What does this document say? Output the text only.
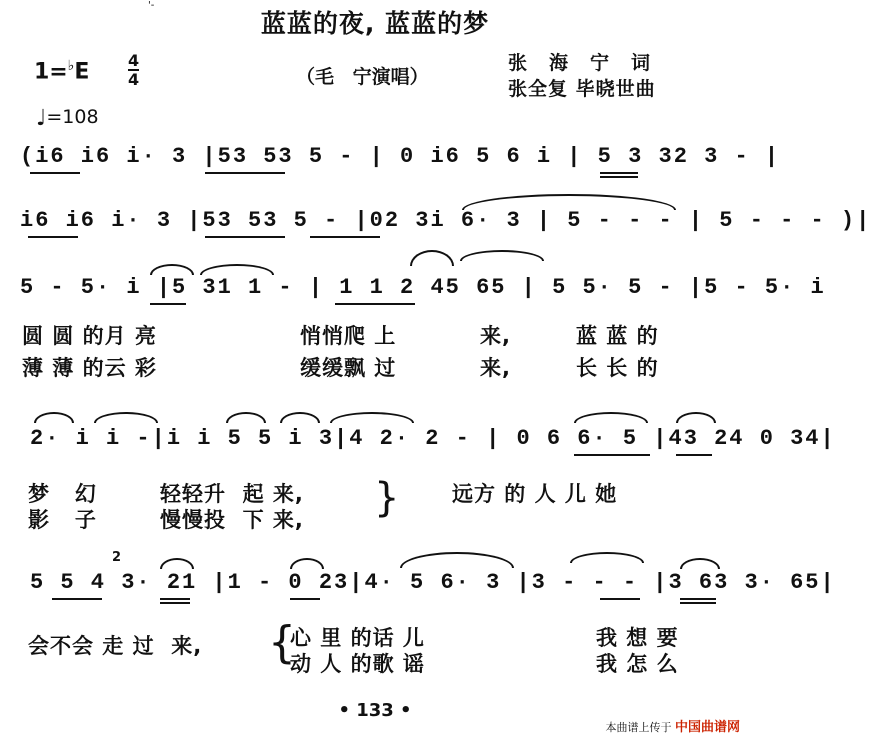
'-
蓝蓝的夜, 蓝蓝的梦
1=♭E 4
4	（毛 宁演唱）
张海宁词
张全复 毕晓世曲
♩=108
(i6 i6 i· 3 |53 53 5 - | 0 i6 5 6 i | 5 3 32 3 - |
i6 i6 i· 3 |53 53 5 - |02 3i 6· 3 | 5 - - - | 5 - - - )|
5 - 5· i |5 31 1 - | 1 1 2 45 65 | 5 5· 5 - |5 - 5· i
圆 圆 的月 亮	悄悄爬 上	来,	蓝 蓝 的
薄 薄 的云 彩	缓缓飘 过	来,	长 长 的
2· i i -|i i 5 5 i 3|4 2· 2 - | 0 6 6· 5 |43 24 0 34|
梦   幻	轻轻升  起 来,	远方 的 人 儿 她
影   子	慢慢投  下 来, }
5 5 4 3· 21 |1 - 0 23|4· 5 6· 3 |3 - - - |3 63 3· 65|
2
会不会 走 过  来, {
心 里 的话 儿	我 想 要
动 人 的歌 谣	我 怎 么
• 133 •
本曲谱上传于 中国曲谱网
